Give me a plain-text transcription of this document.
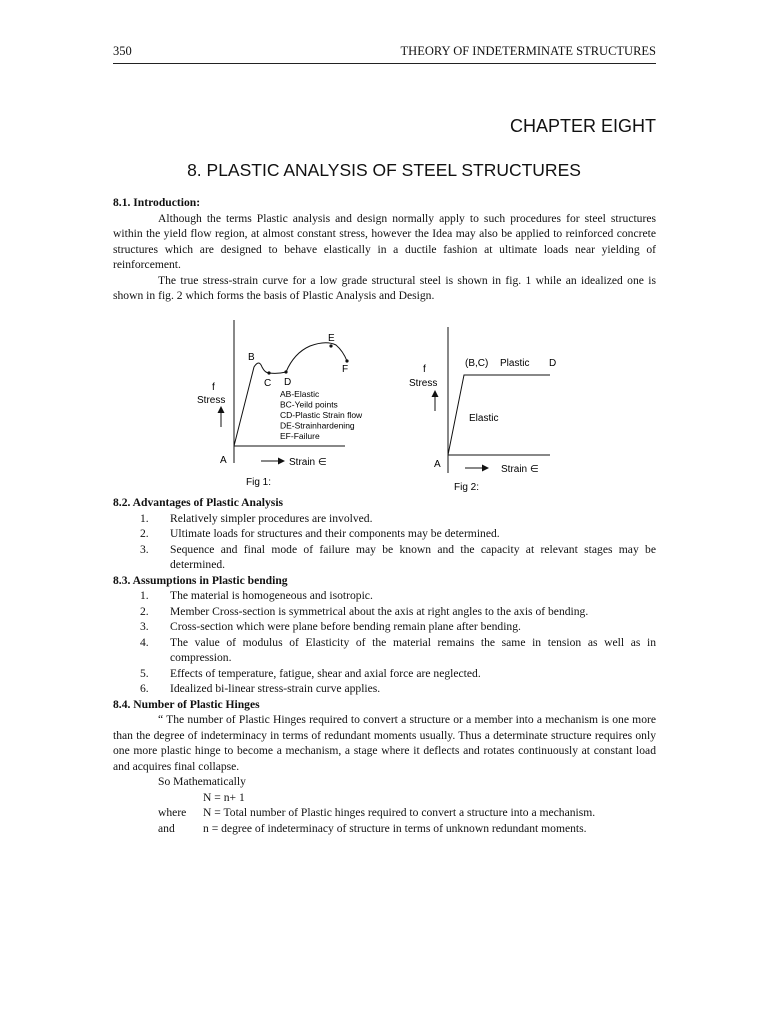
350	THEORY OF INDETERMINATE STRUCTURES
CHAPTER EIGHT
8. PLASTIC ANALYSIS OF STEEL STRUCTURES

8.1. Introduction:

Although the terms Plastic analysis and design normally apply to such procedures for steel structures within the yield flow region, at almost constant stress, however the Idea may also be applied to reinforced concrete structures which are designed to behave elastically in a ductile fashion at ultimate loads near yielding of reinforcement.

The true stress-strain curve for a low grade structural steel is shown in fig. 1 while an idealized one is shown in fig. 2 which forms the basis of Plastic Analysis and Design.

B
C D
E
F
A
f
Stress
AB-Elastic
BC-Yeild points
CD-Plastic Strain flow
DE-Strainhardening
EF-Failure
Strain ∈
Fig 1:
(B,C) Plastic D
Elastic
A
f
Stress
Strain ∈
Fig 2:

8.2. Advantages of Plastic Analysis

1. Relatively simpler procedures are involved.
2. Ultimate loads for structures and their components may be determined.
3. Sequence and final mode of failure may be known and the capacity at relevant stages may be determined.

8.3. Assumptions in Plastic bending

1. The material is homogeneous and isotropic.
2. Member Cross-section is symmetrical about the axis at right angles to the axis of bending.
3. Cross-section which were plane before bending remain plane after bending.
4. The value of modulus of Elasticity of the material remains the same in tension as well as in compression.
5. Effects of temperature, fatigue, shear and axial force are neglected.
6. Idealized bi-linear stress-strain curve applies.

8.4. Number of Plastic Hinges

“ The number of Plastic Hinges required to convert a structure or a member into a mechanism is one more than the degree of indeterminacy in terms of redundant moments usually. Thus a determinate structure requires only one more plastic hinge to become a mechanism, a stage where it deflects and rotates continuously at constant load and acquires final collapse.

So Mathematically
N = n+ 1
where N = Total number of Plastic hinges required to convert a structure into a mechanism.
and n = degree of indeterminacy of structure in terms of unknown redundant moments.
